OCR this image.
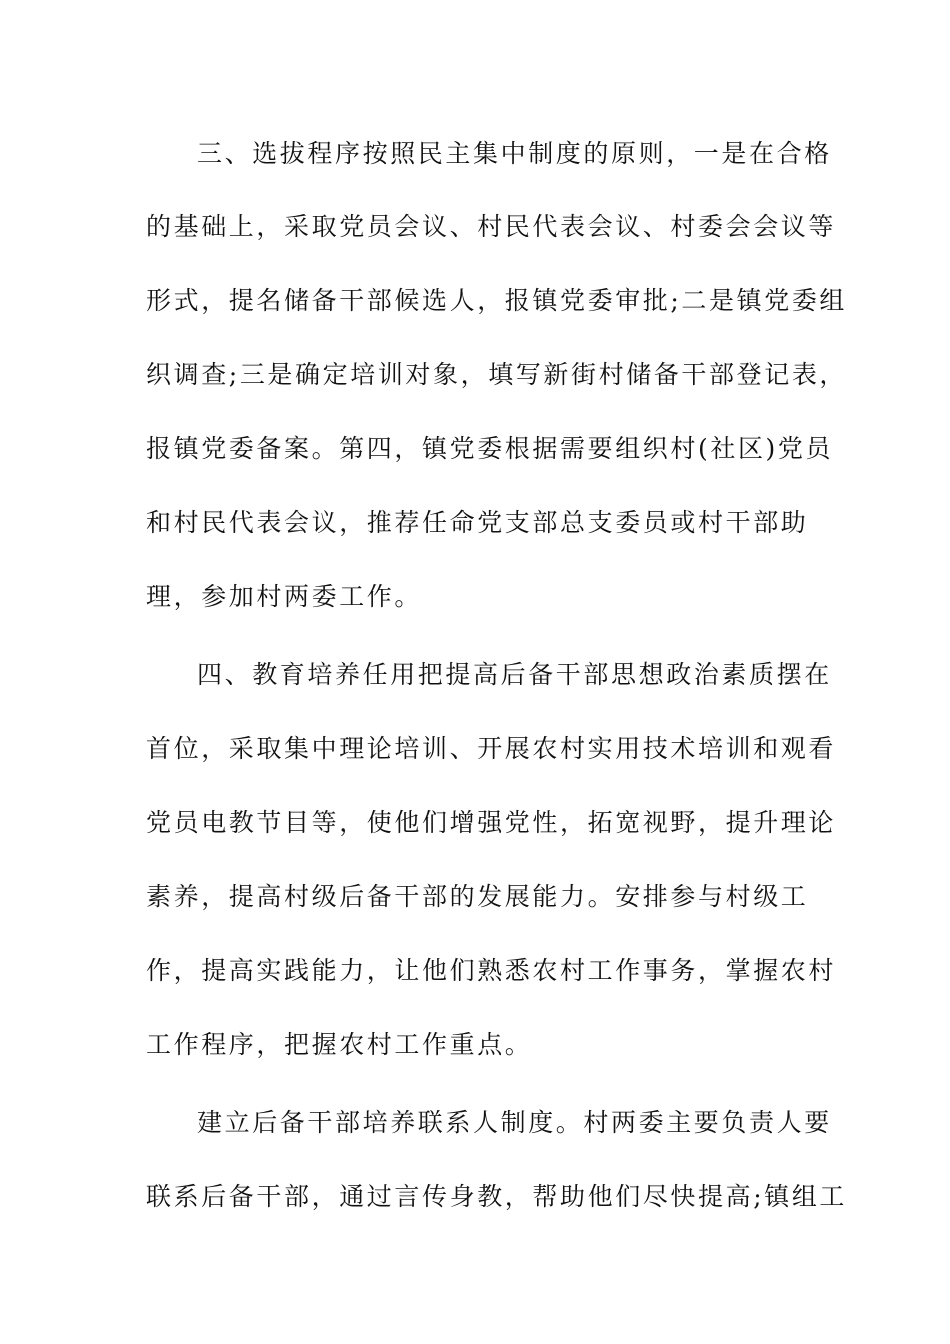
三、选拔程序按照民主集中制度的原则，一是在合格
的基础上，采取党员会议、村民代表会议、村委会会议等
形式，提名储备干部候选人，报镇党委审批;二是镇党委组
织调查;三是确定培训对象，填写新街村储备干部登记表，
报镇党委备案。第四，镇党委根据需要组织村(社区)党员
和村民代表会议，推荐任命党支部总支委员或村干部助
理，参加村两委工作。
四、教育培养任用把提高后备干部思想政治素质摆在
首位，采取集中理论培训、开展农村实用技术培训和观看
党员电教节目等，使他们增强党性，拓宽视野，提升理论
素养，提高村级后备干部的发展能力。安排参与村级工
作，提高实践能力，让他们熟悉农村工作事务，掌握农村
工作程序，把握农村工作重点。
建立后备干部培养联系人制度。村两委主要负责人要
联系后备干部，通过言传身教，帮助他们尽快提高;镇组工
